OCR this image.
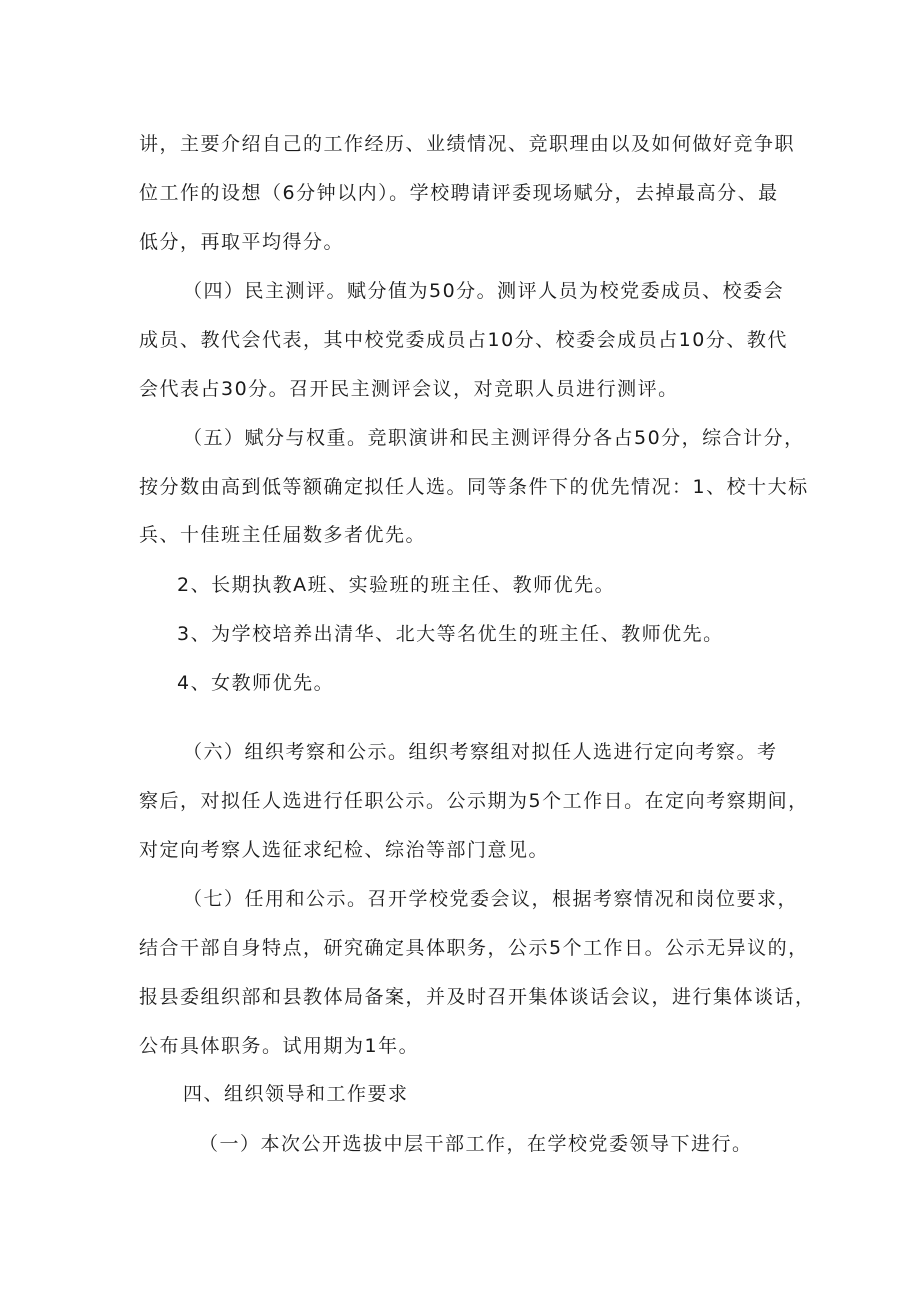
讲，主要介绍自己的工作经历、业绩情况、竞职理由以及如何做好竞争职
位工作的设想（6分钟以内）。学校聘请评委现场赋分，去掉最高分、最
低分，再取平均得分。
（四）民主测评。赋分值为50分。测评人员为校党委成员、校委会
成员、教代会代表，其中校党委成员占10分、校委会成员占10分、教代
会代表占30分。召开民主测评会议，对竞职人员进行测评。
（五）赋分与权重。竞职演讲和民主测评得分各占50分，综合计分，
按分数由高到低等额确定拟任人选。同等条件下的优先情况：1、校十大标
兵、十佳班主任届数多者优先。
2、长期执教A班、实验班的班主任、教师优先。
3、为学校培养出清华、北大等名优生的班主任、教师优先。
4、女教师优先。
（六）组织考察和公示。组织考察组对拟任人选进行定向考察。考
察后，对拟任人选进行任职公示。公示期为5个工作日。在定向考察期间，
对定向考察人选征求纪检、综治等部门意见。
（七）任用和公示。召开学校党委会议，根据考察情况和岗位要求，
结合干部自身特点，研究确定具体职务，公示5个工作日。公示无异议的，
报县委组织部和县教体局备案，并及时召开集体谈话会议，进行集体谈话，
公布具体职务。试用期为1年。
四、组织领导和工作要求
（一）本次公开选拔中层干部工作，在学校党委领导下进行。
